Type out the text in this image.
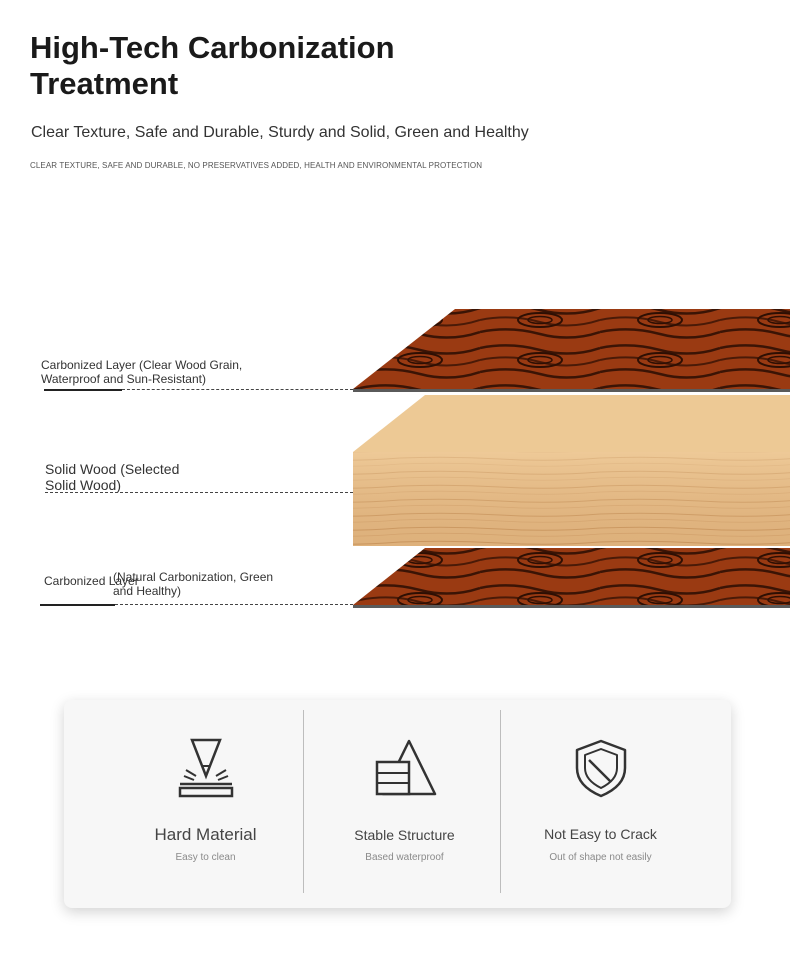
High-Tech Carbonization Treatment
Clear Texture, Safe and Durable, Sturdy and Solid, Green and Healthy
CLEAR TEXTURE, SAFE AND DURABLE, NO PRESERVATIVES ADDED, HEALTH AND ENVIRONMENTAL PROTECTION
Carbonized Layer (Clear Wood Grain,
Waterproof and Sun-Resistant)
Solid Wood (Selected
Solid Wood)
Carbonized Layer
(Natural Carbonization, Green
and Healthy)
Hard Material
Easy to clean
Stable Structure
Based waterproof
Not Easy to Crack
Out of shape not easily
